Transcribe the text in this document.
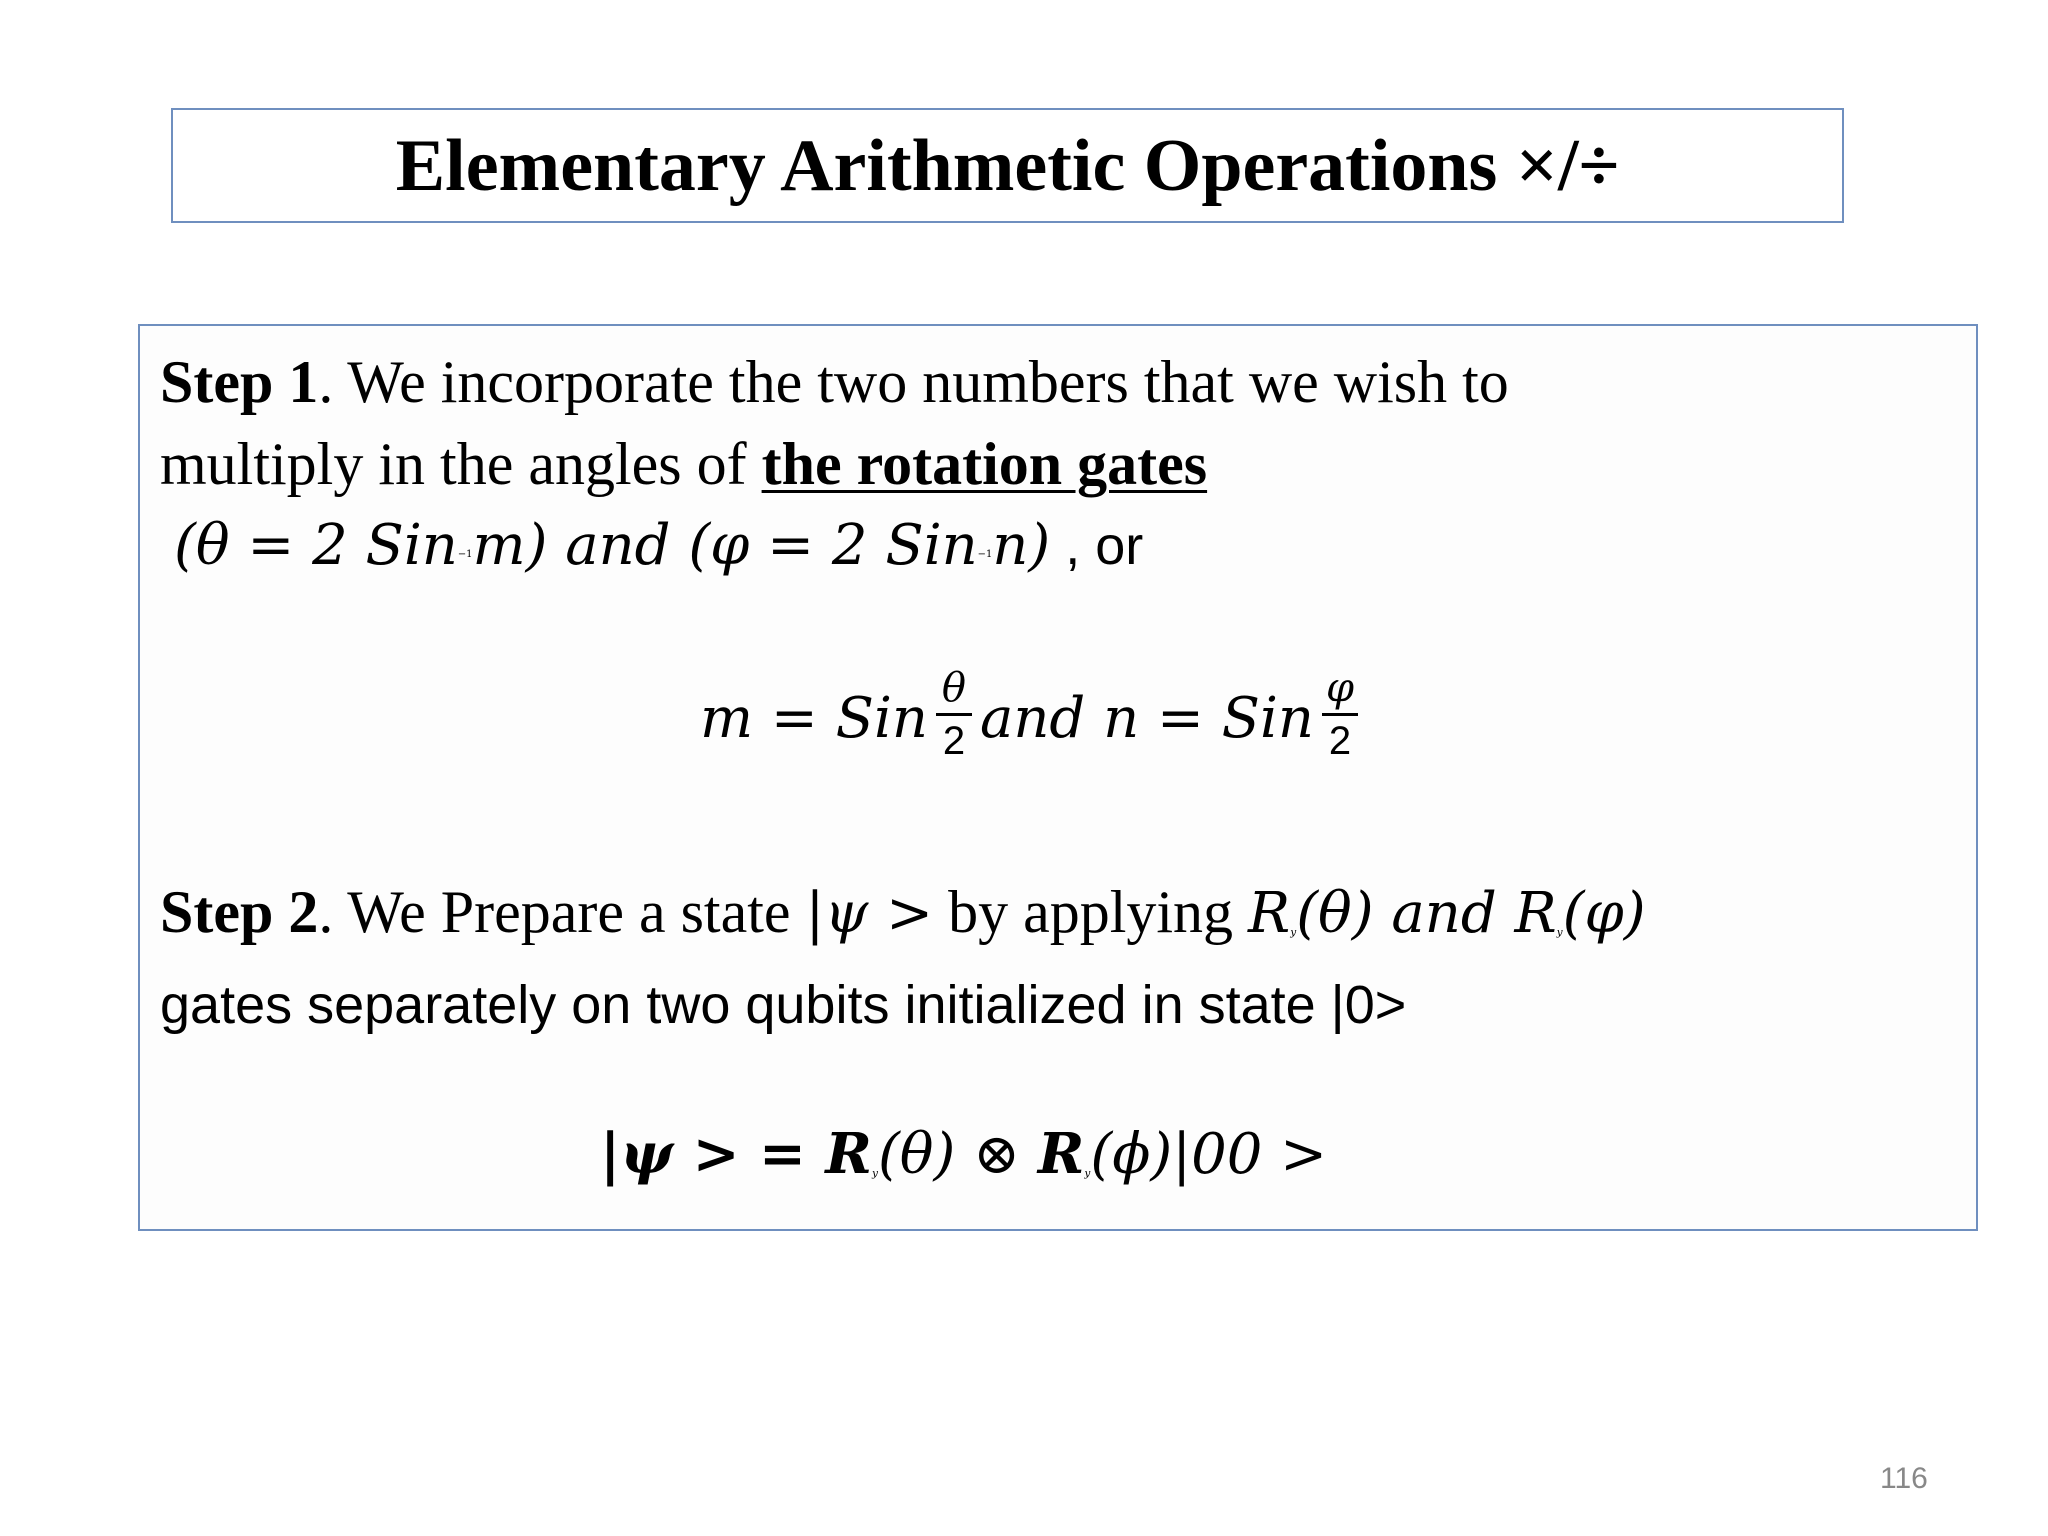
Elementary Arithmetic Operations ×/÷
Step 1. We incorporate the two numbers that we wish to
multiply in the angles of the rotation gates
(θ = 2 Sin$^{-1}$m) and (φ = 2 Sin$^{-1}$n) , or
m = Sin $\frac{\theta}{2}$ and n = Sin $\frac{\varphi}{2}$
Step 2. We Prepare a state |ψ > by applying $R_y(\theta)$ and $R_y(\varphi)$
gates separately on two qubits initialized in state |0>
|ψ > = $R_y(\theta)$ ⊗ $R_y(\phi)|00$ >
116
